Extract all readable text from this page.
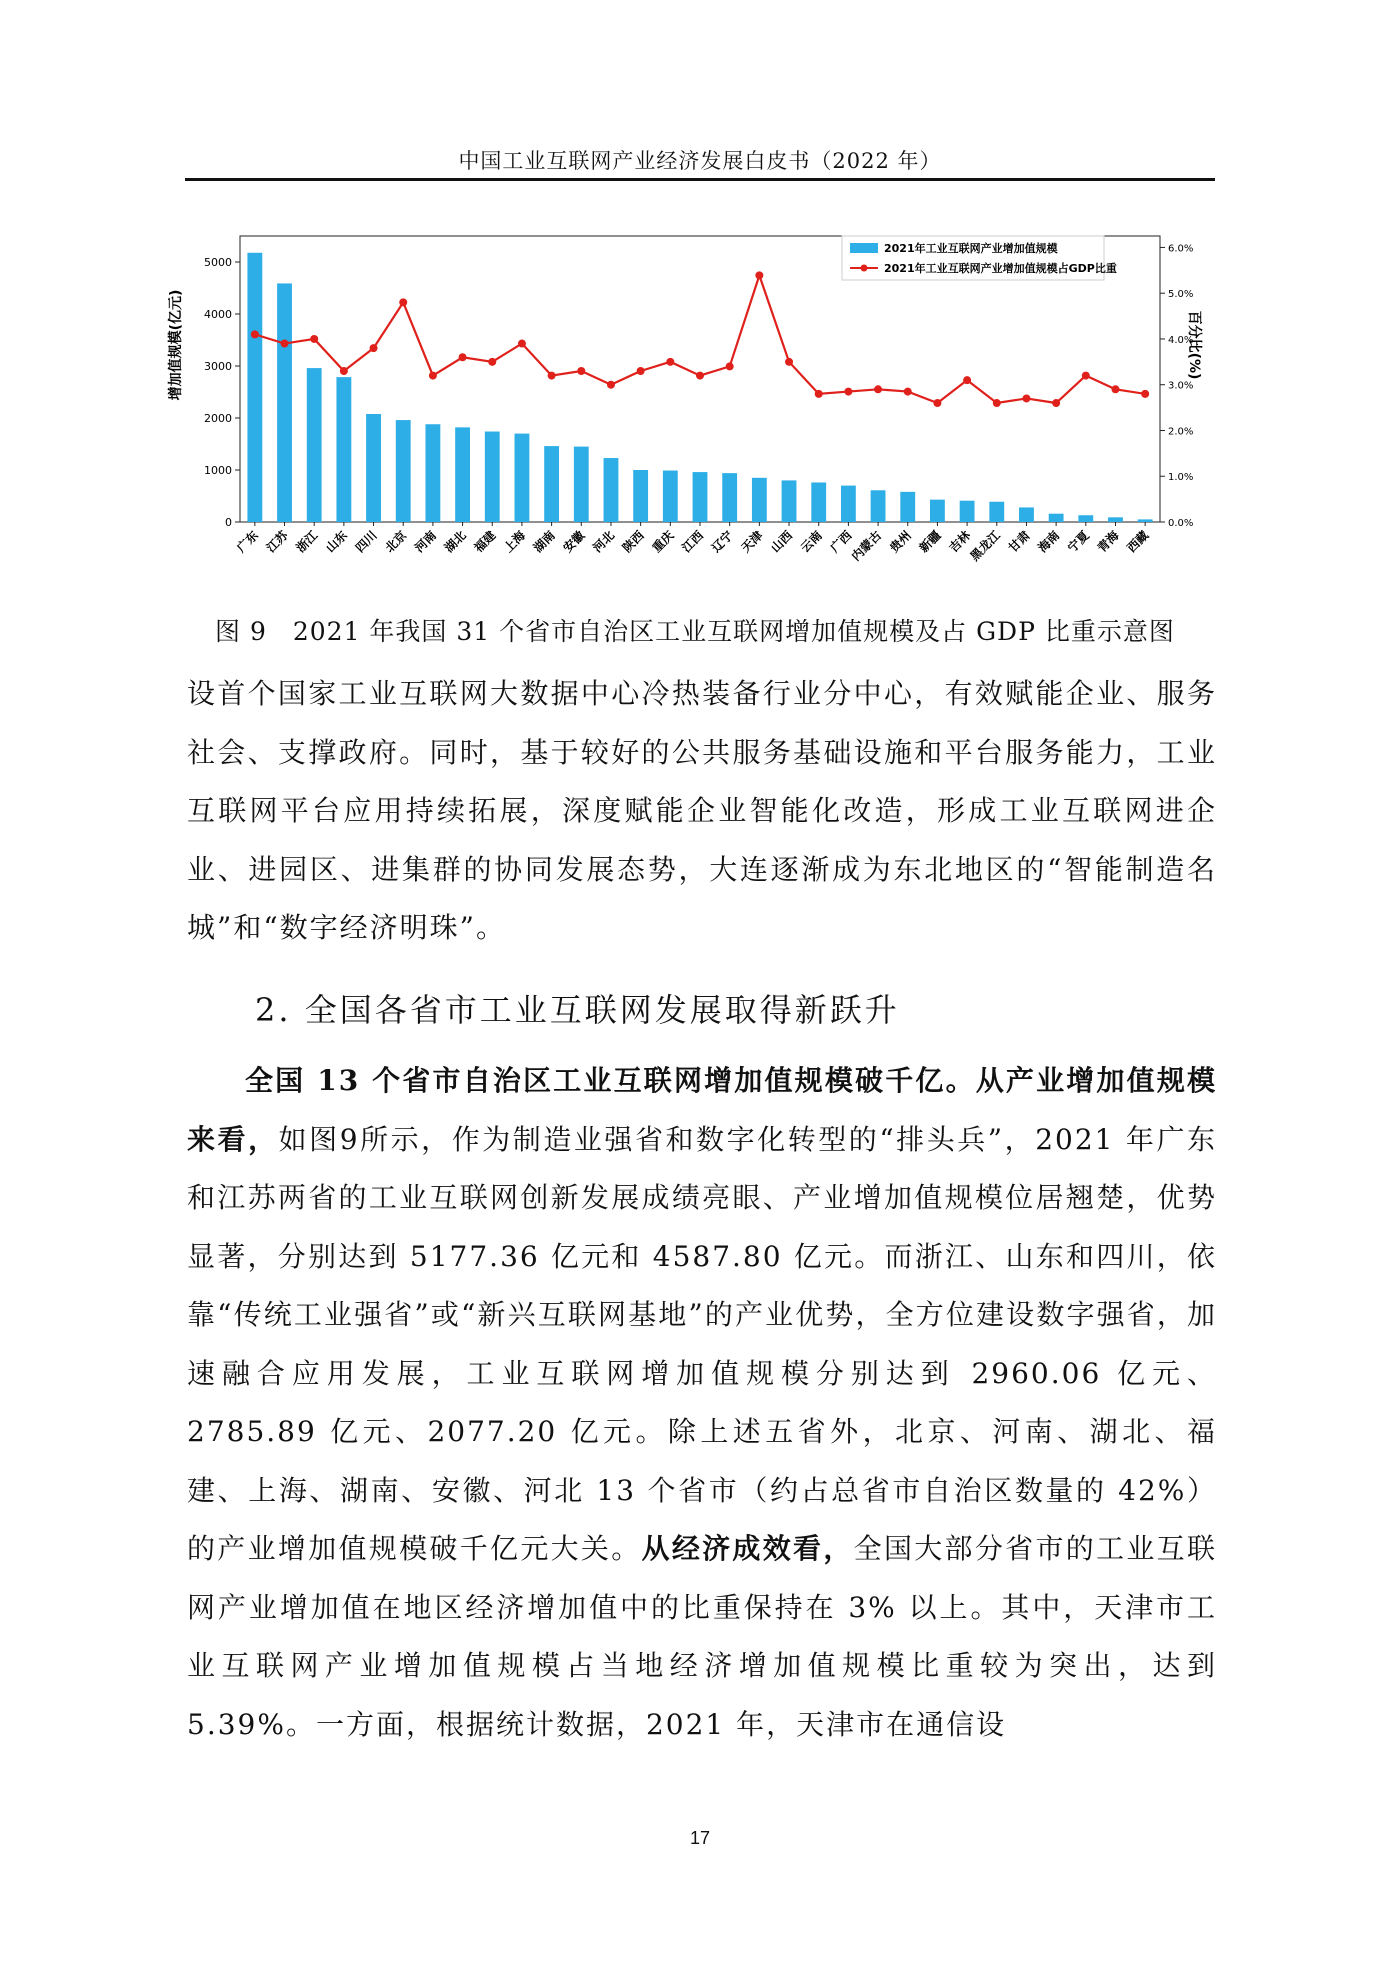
中国工业互联网产业经济发展白皮书（2022 年）
0
1000
2000
3000
4000
5000
0.0%
1.0%
2.0%
3.0%
4.0%
5.0%
6.0%
广东 江苏 浙江 山东 四川 北京 河南 湖北 福建 上海 湖南 安徽 河北 陕西 重庆 江西 辽宁 天津 山西 云南 广西
内蒙古 贵州 新疆 吉林
黑龙江 甘肃 海南 宁夏 青海 西藏
增加值规模(亿元)	百分比(%)
2021年工业互联网产业增加值规模
2021年工业互联网产业增加值规模占GDP比重
图 9　2021 年我国 31 个省市自治区工业互联网增加值规模及占 GDP 比重示意图
设首个国家工业互联网大数据中心冷热装备行业分中心，有效赋能企业、服务社会、支撑政府。同时，基于较好的公共服务基础设施和平台服务能力，工业互联网平台应用持续拓展，深度赋能企业智能化改造，形成工业互联网进企业、进园区、进集群的协同发展态势，大连逐渐成为东北地区的“智能制造名城”和“数字经济明珠”。
2. 全国各省市工业互联网发展取得新跃升
全国 13 个省市自治区工业互联网增加值规模破千亿。从产业增加值规模来看，如图9所示，作为制造业强省和数字化转型的“排头兵”，2021 年广东和江苏两省的工业互联网创新发展成绩亮眼、产业增加值规模位居翘楚，优势显著，分别达到 5177.36 亿元和 4587.80 亿元。而浙江、山东和四川，依靠“传统工业强省”或“新兴互联网基地”的产业优势，全方位建设数字强省，加速融合应用发展，工业互联网增加值规模分别达到 2960.06 亿元、2785.89 亿元、2077.20 亿元。除上述五省外，北京、河南、湖北、福建、上海、湖南、安徽、河北 13 个省市（约占总省市自治区数量的 42%）的产业增加值规模破千亿元大关。从经济成效看，全国大部分省市的工业互联网产业增加值在地区经济增加值中的比重保持在 3% 以上。其中，天津市工业互联网产业增加值规模占当地经济增加值规模比重较为突出，达到 5.39%。一方面，根据统计数据，2021 年，天津市在通信设
17
